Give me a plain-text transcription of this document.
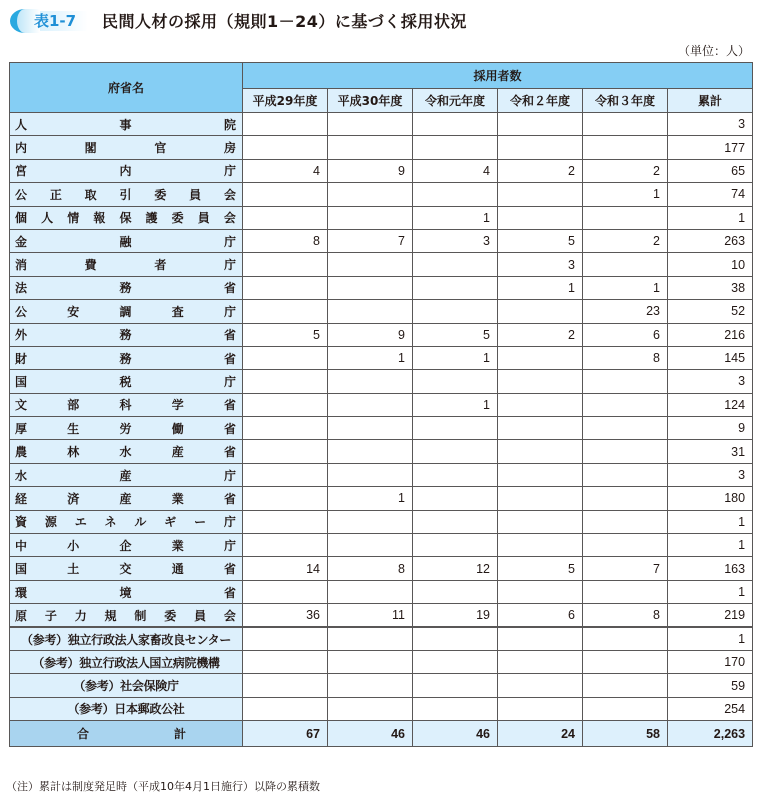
表1-7 民間人材の採用（規則1－24）に基づく採用状況
（単位：人）
府省名	採用者数					
	平成29年度	平成30年度	令和元年度	令和２年度	令和３年度	累計

人 事 院						3

内 閣 官 房						177

宮 内 庁	4	9	4	2	2	65

公 正 取 引 委 員 会					1	74

個 人 情 報 保 護 委 員 会			1			1

金 融 庁	8	7	3	5	2	263

消 費 者 庁				3		10

法 務 省				1	1	38

公 安 調 査 庁					23	52

外 務 省	5	9	5	2	6	216

財 務 省		1	1		8	145

国 税 庁						3

文 部 科 学 省			1			124

厚 生 労 働 省						9

農 林 水 産 省						31

水 産 庁						3

経 済 産 業 省		1				180

資 源 エ ネ ル ギ ー 庁						1

中 小 企 業 庁						1

国 土 交 通 省	14	8	12	5	7	163

環 境 省						1

原 子 力 規 制 委 員 会	36	11	19	6	8	219
（参考）独立行政法人家畜改良センター						1
（参考）独立行政法人国立病院機構						170
（参考）社会保険庁						59
（参考）日本郵政公社						254

合 計	67	46	46	24	58	2,263
（注）累計は制度発足時（平成10年4月1日施行）以降の累積数
